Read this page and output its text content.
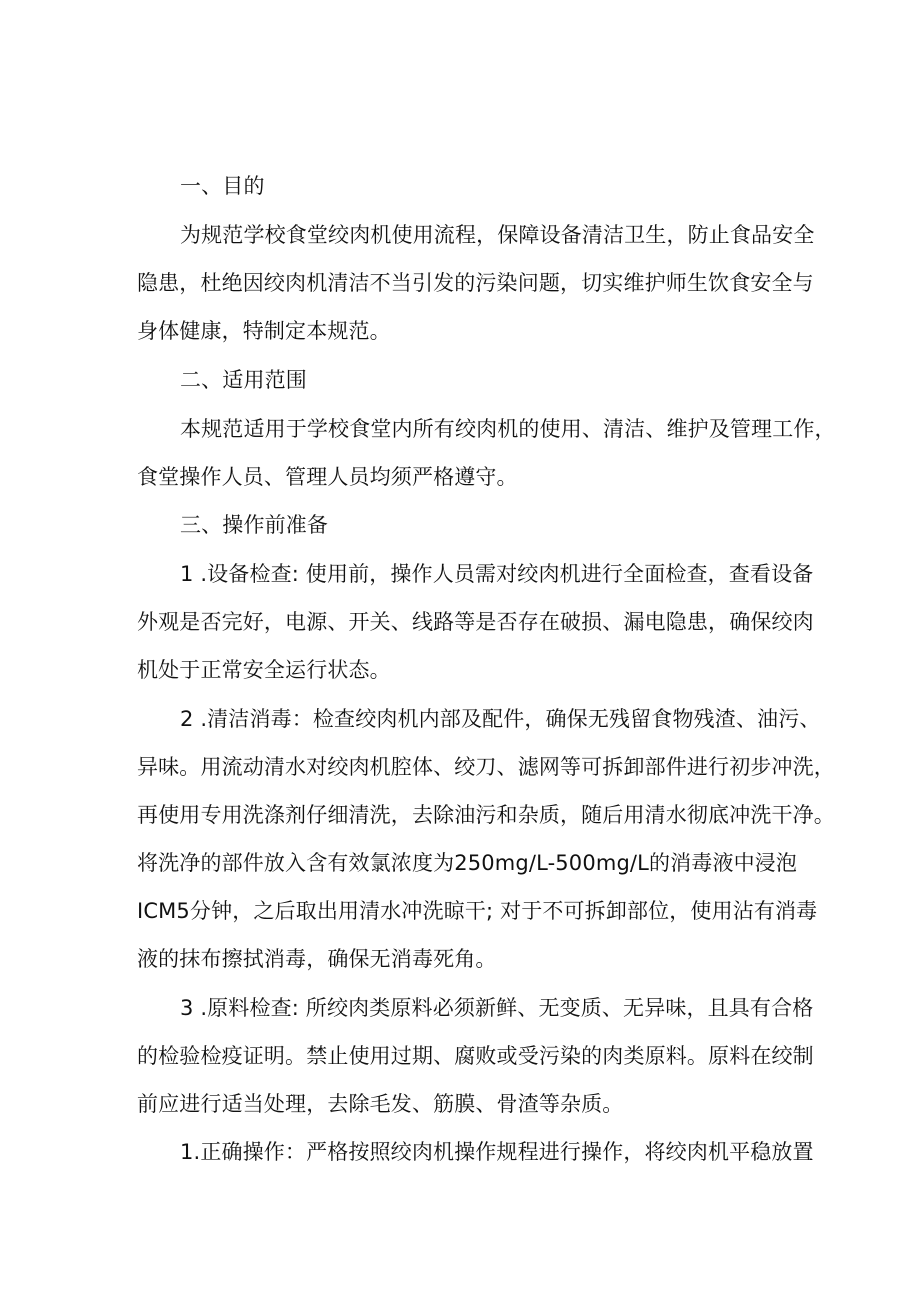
一、目的
为规范学校食堂绞肉机使用流程，保障设备清洁卫生，防止食品安全
隐患，杜绝因绞肉机清洁不当引发的污染问题，切实维护师生饮食安全与
身体健康，特制定本规范。
二、适用范围
本规范适用于学校食堂内所有绞肉机的使用、清洁、维护及管理工作，
食堂操作人员、管理人员均须严格遵守。
三、操作前准备
1 .设备检查: 使用前，操作人员需对绞肉机进行全面检查，查看设备
外观是否完好，电源、开关、线路等是否存在破损、漏电隐患，确保绞肉
机处于正常安全运行状态。
2 .清洁消毒：检查绞肉机内部及配件，确保无残留食物残渣、油污、
异味。用流动清水对绞肉机腔体、绞刀、滤网等可拆卸部件进行初步冲洗，
再使用专用洗涤剂仔细清洗，去除油污和杂质，随后用清水彻底冲洗干净。
将洗净的部件放入含有效氯浓度为250mg∕L-500mg∕L的消毒液中浸泡
ICM5分钟，之后取出用清水冲洗晾干; 对于不可拆卸部位，使用沾有消毒
液的抹布擦拭消毒，确保无消毒死角。
3 .原料检查: 所绞肉类原料必须新鲜、无变质、无异味，且具有合格
的检验检疫证明。禁止使用过期、腐败或受污染的肉类原料。原料在绞制
前应进行适当处理，去除毛发、筋膜、骨渣等杂质。
1.正确操作：严格按照绞肉机操作规程进行操作，将绞肉机平稳放置
